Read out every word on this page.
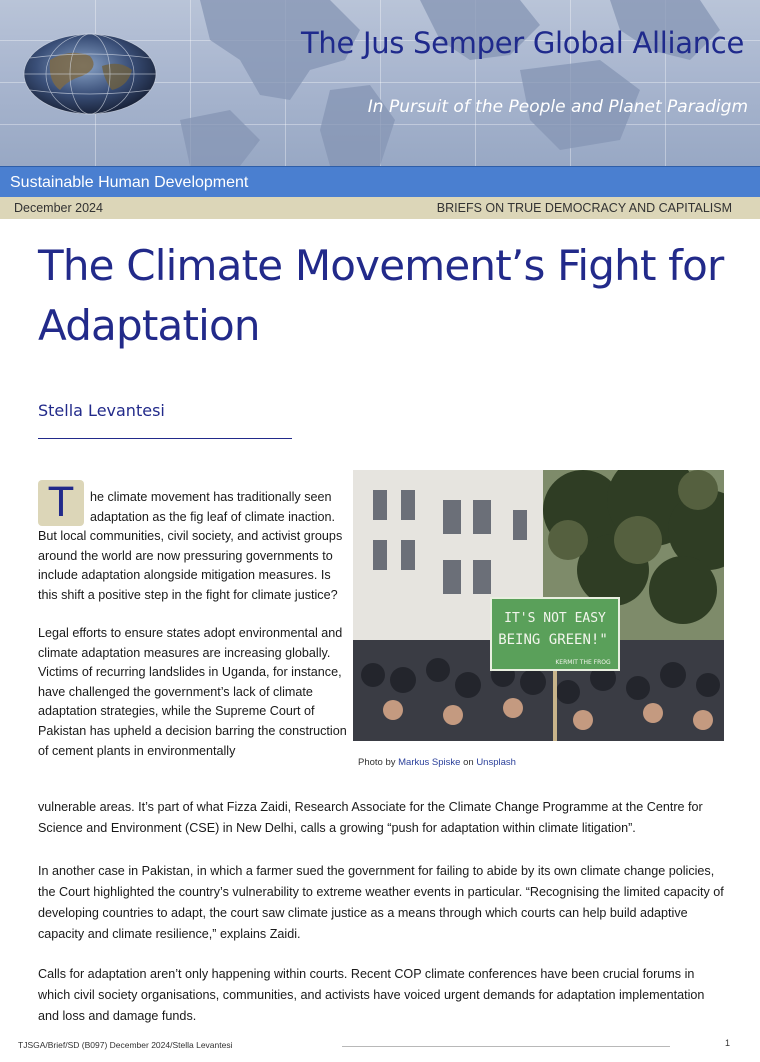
The Jus Semper Global Alliance
In Pursuit of the People and Planet Paradigm
Sustainable Human Development
December 2024	BRIEFS ON TRUE DEMOCRACY AND CAPITALISM
The Climate Movement’s Fight for Adaptation
Stella Levantesi

T	he climate movement has traditionally seen adaptation as the fig leaf of climate inaction. But local communities, civil society, and activist groups around the world are now pressuring governments to include adaptation alongside mitigation measures. Is this shift a positive step in the fight for climate justice?

Legal efforts to ensure states adopt environmental and climate adaptation measures are increasing globally. Victims of recurring landslides in Uganda, for instance, have challenged the government’s lack of climate adaptation strategies, while the Supreme Court of Pakistan has upheld a decision barring the construction of cement plants in environmentally

IT'S NOT EASY
BEING GREEN!"
KERMIT THE FROG
Photo by Markus Spiske on Unsplash

vulnerable areas. It’s part of what Fizza Zaidi, Research Associate for the Climate Change Programme at the Centre for Science and Environment (CSE) in New Delhi, calls a growing “push for adaptation within climate litigation”.

In another case in Pakistan, in which a farmer sued the government for failing to abide by its own climate change policies, the Court highlighted the country’s vulnerability to extreme weather events in particular. “Recognising the limited capacity of developing countries to adapt, the court saw climate justice as a means through which courts can help build adaptive capacity and climate resilience,” explains Zaidi.

Calls for adaptation aren’t only happening within courts. Recent COP climate conferences have been crucial forums in which civil society organisations, communities, and activists have voiced urgent demands for adaptation implementation and loss and damage funds.

TJSGA/Brief/SD (B097) December 2024/Stella Levantesi	1
